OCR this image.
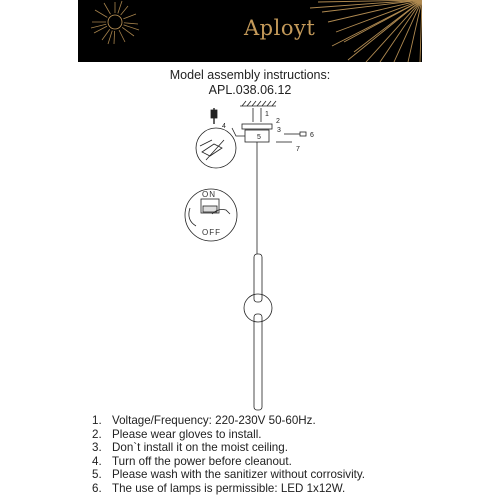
Aployt
Model assembly instructions:
APL.038.06.12
1
2
3
4
5	6
7
ON
OFF
1. Voltage/Frequency: 220-230V 50-60Hz.
2. Please wear gloves to install.
3. Don`t install it on the moist ceiling.
4. Turn off the power before cleanout.
5. Please wash with the sanitizer without corrosivity.
6. The use of lamps is permissible: LED 1x12W.
